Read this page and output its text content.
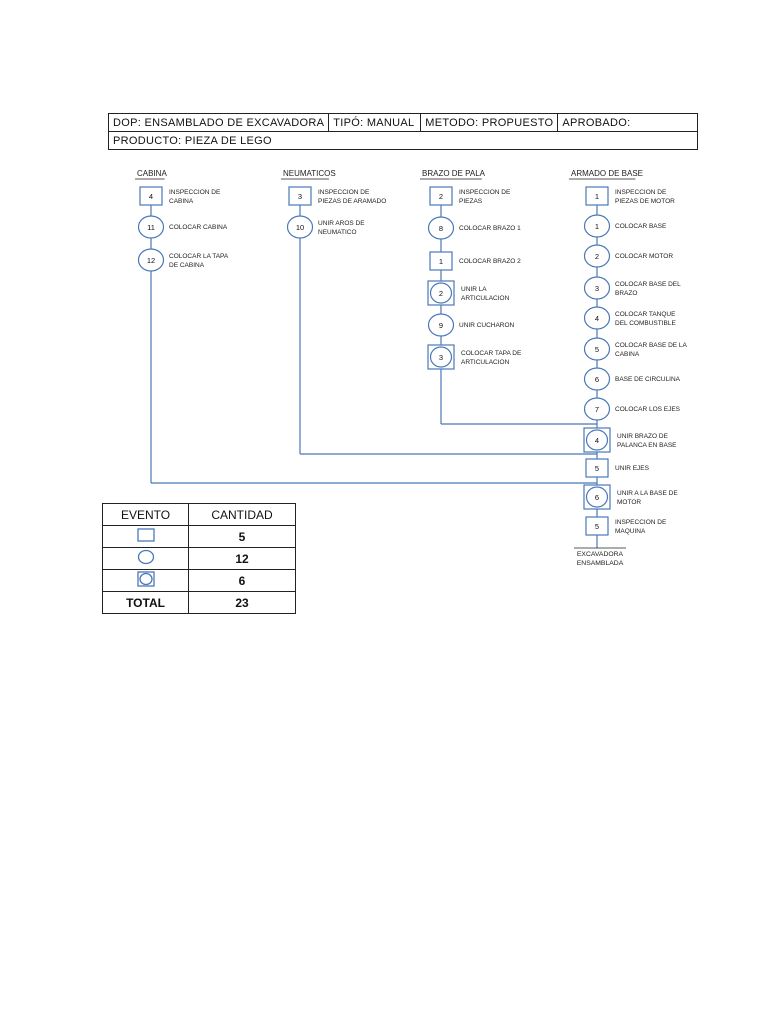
DOP: ENSAMBLADO DE EXCAVADORA	TIPÓ: MANUAL	METODO: PROPUESTO	APROBADO:
PRODUCTO: PIEZA DE LEGO
CABINA
4 INSPECCION DE
CABINA
11 COLOCAR CABINA
12 COLOCAR LA TAPA
DE CABINA
NEUMATICOS
3 INSPECCION DE
PIEZAS DE ARAMADO
10 UNIR AROS DE
NEUMATICO
BRAZO DE PALA
2 INSPECCION DE
PIEZAS
8 COLOCAR BRAZO 1
1 COLOCAR BRAZO 2
2	UNIR LA
ARTICULACION
9 UNIR CUCHARON
3	COLOCAR TAPA DE
ARTICULACION
ARMADO DE BASE
1 INSPECCION DE
PIEZAS DE MOTOR
1 COLOCAR BASE
2 COLOCAR MOTOR
3 COLOCAR BASE DEL
BRAZO
4 COLOCAR TANQUE
DEL COMBUSTIBLE
5 COLOCAR BASE DE LA
CABINA
6 BASE DE CIRCULINA
7 COLOCAR LOS EJES
4	UNIR BRAZO DE
PALANCA EN BASE
5 UNIR EJES
6	UNIR A LA BASE DE
MOTOR
5 INSPECCION DE
MAQUINA
EXCAVADORA
ENSAMBLADA
EVENTO	CANTIDAD
	5
	12
	6
TOTAL	23
